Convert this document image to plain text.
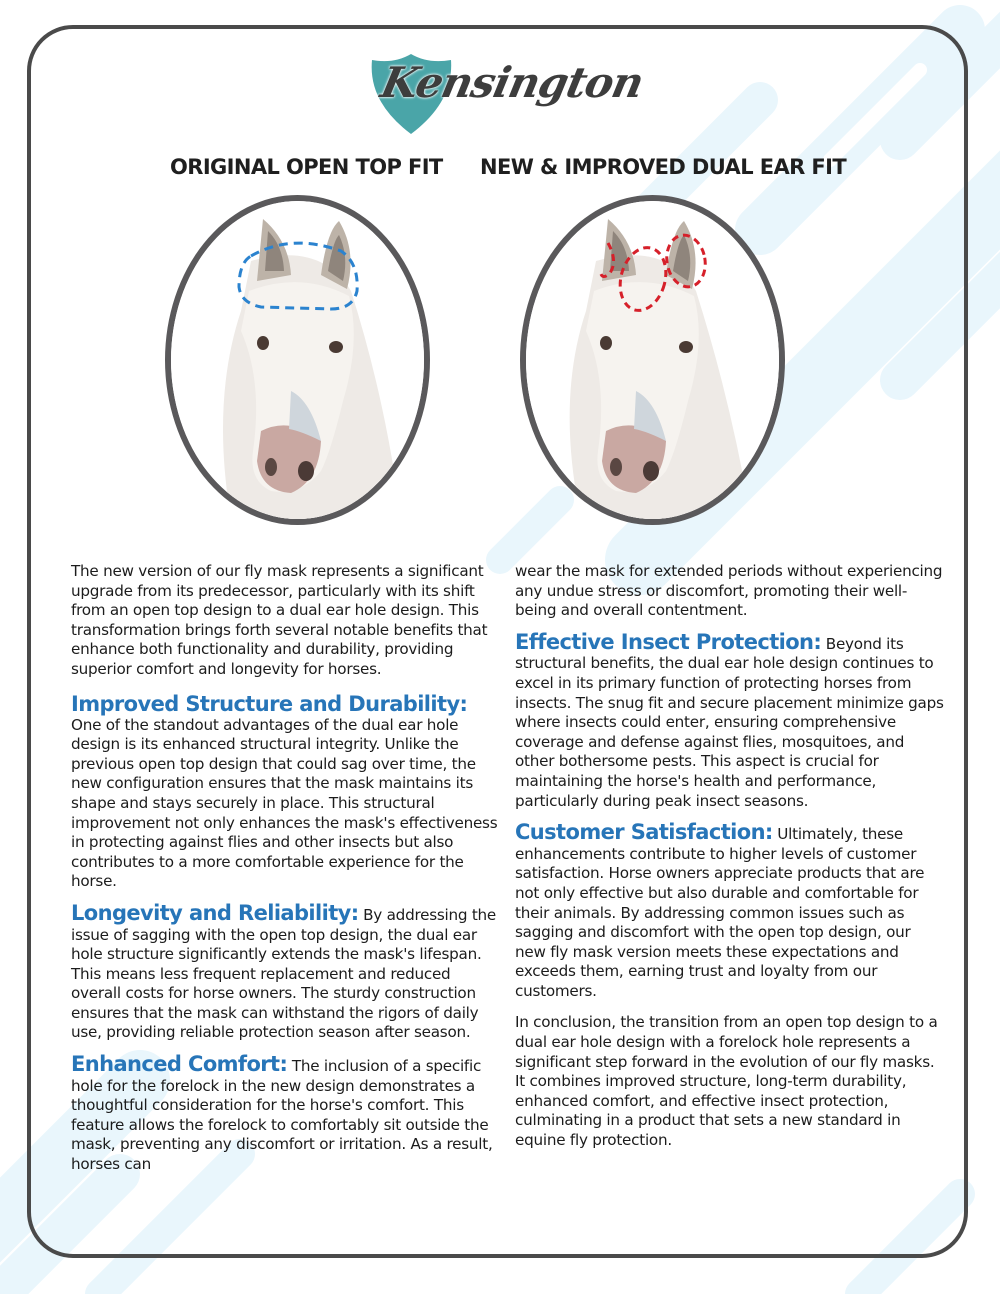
Kensington
ORIGINAL OPEN TOP FIT NEW & IMPROVED DUAL EAR FIT

The new version of our fly mask represents a significant upgrade from its predecessor, particularly with its shift from an open top design to a dual ear hole design. This transformation brings forth several notable benefits that enhance both functionality and durability, providing superior comfort and longevity for horses.

Improved Structure and Durability:
One of the standout advantages of the dual ear hole design is its enhanced structural integrity. Unlike the previous open top design that could sag over time, the new configuration ensures that the mask maintains its shape and stays securely in place. This structural improvement not only enhances the mask's effectiveness in protecting against flies and other insects but also contributes to a more comfortable experience for the horse.

Longevity and Reliability: By addressing the issue of sagging with the open top design, the dual ear hole structure significantly extends the mask's lifespan. This means less frequent replacement and reduced overall costs for horse owners. The sturdy construction ensures that the mask can withstand the rigors of daily use, providing reliable protection season after season.

Enhanced Comfort: The inclusion of a specific hole for the forelock in the new design demonstrates a thoughtful consideration for the horse's comfort. This feature allows the forelock to comfortably sit outside the mask, preventing any discomfort or irritation. As a result, horses can

wear the mask for extended periods without experiencing any undue stress or discomfort, promoting their well-being and overall contentment.

Effective Insect Protection: Beyond its structural benefits, the dual ear hole design continues to excel in its primary function of protecting horses from insects. The snug fit and secure placement minimize gaps where insects could enter, ensuring comprehensive coverage and defense against flies, mosquitoes, and other bothersome pests. This aspect is crucial for maintaining the horse's health and performance, particularly during peak insect seasons.

Customer Satisfaction: Ultimately, these enhancements contribute to higher levels of customer satisfaction. Horse owners appreciate products that are not only effective but also durable and comfortable for their animals. By addressing common issues such as sagging and discomfort with the open top design, our new fly mask version meets these expectations and exceeds them, earning trust and loyalty from our customers.

In conclusion, the transition from an open top design to a dual ear hole design with a forelock hole represents a significant step forward in the evolution of our fly masks. It combines improved structure, long-term durability, enhanced comfort, and effective insect protection, culminating in a product that sets a new standard in equine fly protection.
